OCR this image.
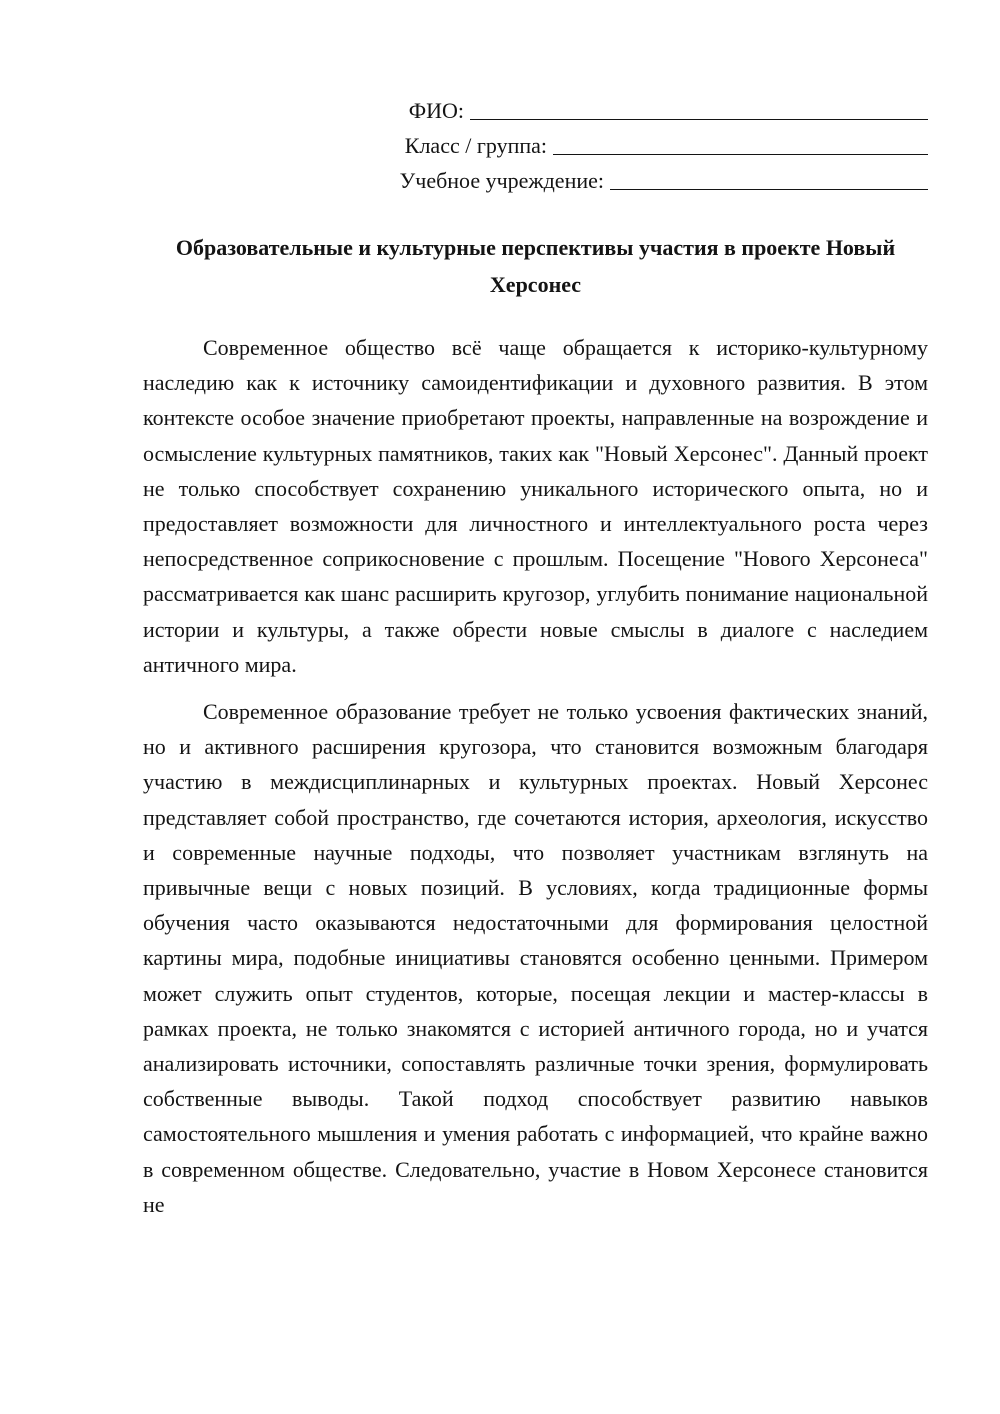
ФИО:
Класс / группа:
Учебное учреждение:
Образовательные и культурные перспективы участия в проекте Новый Херсонес

Современное общество всё чаще обращается к историко-культурному наследию как к источнику самоидентификации и духовного развития. В этом контексте особое значение приобретают проекты, направленные на возрождение и осмысление культурных памятников, таких как "Новый Херсонес". Данный проект не только способствует сохранению уникального исторического опыта, но и предоставляет возможности для личностного и интеллектуального роста через непосредственное соприкосновение с прошлым. Посещение "Нового Херсонеса" рассматривается как шанс расширить кругозор, углубить понимание национальной истории и культуры, а также обрести новые смыслы в диалоге с наследием античного мира.

Современное образование требует не только усвоения фактических знаний, но и активного расширения кругозора, что становится возможным благодаря участию в междисциплинарных и культурных проектах. Новый Херсонес представляет собой пространство, где сочетаются история, археология, искусство и современные научные подходы, что позволяет участникам взглянуть на привычные вещи с новых позиций. В условиях, когда традиционные формы обучения часто оказываются недостаточными для формирования целостной картины мира, подобные инициативы становятся особенно ценными. Примером может служить опыт студентов, которые, посещая лекции и мастер-классы в рамках проекта, не только знакомятся с историей античного города, но и учатся анализировать источники, сопоставлять различные точки зрения, формулировать собственные выводы. Такой подход способствует развитию навыков самостоятельного мышления и умения работать с информацией, что крайне важно в современном обществе. Следовательно, участие в Новом Херсонесе становится не
